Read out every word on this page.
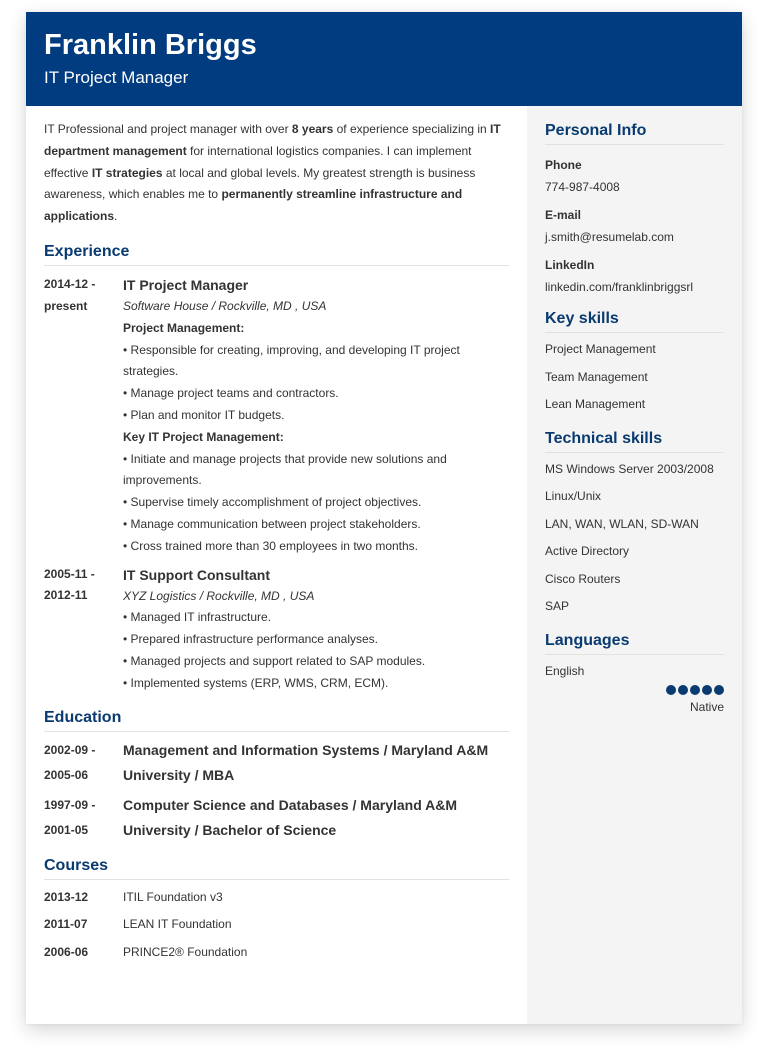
Franklin Briggs
IT Project Manager
IT Professional and project manager with over 8 years of experience specializing in IT department management for international logistics companies. I can implement effective IT strategies at local and global levels. My greatest strength is business awareness, which enables me to permanently streamline infrastructure and applications.
Experience
2014-12 -
present
IT Project Manager
Software House / Rockville, MD , USA
Project Management:
• Responsible for creating, improving, and developing IT project strategies.
• Manage project teams and contractors.
• Plan and monitor IT budgets.
Key IT Project Management:
• Initiate and manage projects that provide new solutions and improvements.
• Supervise timely accomplishment of project objectives.
• Manage communication between project stakeholders.
• Cross trained more than 30 employees in two months.
2005-11 -
2012-11
IT Support Consultant
XYZ Logistics / Rockville, MD , USA
• Managed IT infrastructure.
• Prepared infrastructure performance analyses.
• Managed projects and support related to SAP modules.
• Implemented systems (ERP, WMS, CRM, ECM).
Education
2002-09 -
2005-06
Management and Information Systems / Maryland A&M University / MBA
1997-09 -
2001-05
Computer Science and Databases / Maryland A&M University / Bachelor of Science
Courses
2013-12	ITIL Foundation v3
2011-07	LEAN IT Foundation
2006-06	PRINCE2® Foundation
Personal Info
Phone
774-987-4008
E-mail
j.smith@resumelab.com
LinkedIn
linkedin.com/franklinbriggsrl
Key skills
Project Management
Team Management
Lean Management
Technical skills
MS Windows Server 2003/2008
Linux/Unix
LAN, WAN, WLAN, SD-WAN
Active Directory
Cisco Routers
SAP
Languages
English
Native
